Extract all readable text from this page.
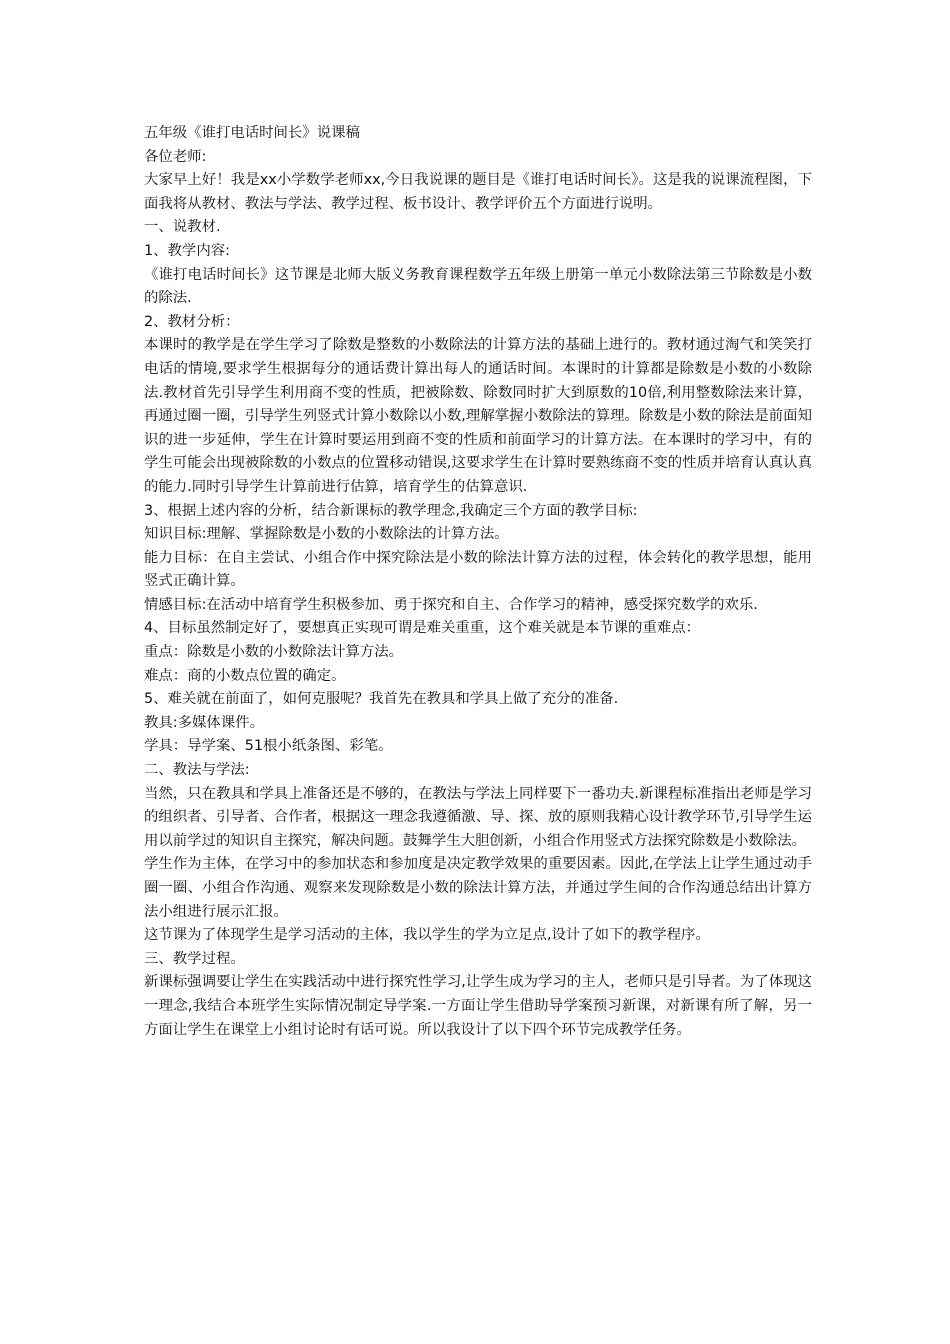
五年级《谁打电话时间长》说课稿

各位老师:

大家早上好！我是xx小学数学老师xx,今日我说课的题目是《谁打电话时间长》。这是我的说课流程图，下面我将从教材、教法与学法、教学过程、板书设计、教学评价五个方面进行说明。

一、说教材.

1、教学内容:

《谁打电话时间长》这节课是北师大版义务教育课程数学五年级上册第一单元小数除法第三节除数是小数的除法.

2、教材分析：

本课时的教学是在学生学习了除数是整数的小数除法的计算方法的基础上进行的。教材通过淘气和笑笑打电话的情境,要求学生根据每分的通话费计算出每人的通话时间。本课时的计算都是除数是小数的小数除法.教材首先引导学生利用商不变的性质，把被除数、除数同时扩大到原数的10倍,利用整数除法来计算，再通过圈一圈，引导学生列竖式计算小数除以小数,理解掌握小数除法的算理。除数是小数的除法是前面知识的进一步延伸，学生在计算时要运用到商不变的性质和前面学习的计算方法。在本课时的学习中，有的学生可能会出现被除数的小数点的位置移动错误,这要求学生在计算时要熟练商不变的性质并培育认真认真的能力.同时引导学生计算前进行估算，培育学生的估算意识.

3、根据上述内容的分析，结合新课标的教学理念,我确定三个方面的教学目标:

知识目标:理解、掌握除数是小数的小数除法的计算方法。

能力目标：在自主尝试、小组合作中探究除法是小数的除法计算方法的过程，体会转化的教学思想，能用竖式正确计算。

情感目标:在活动中培育学生积极参加、勇于探究和自主、合作学习的精神，感受探究数学的欢乐.

4、目标虽然制定好了，要想真正实现可谓是难关重重，这个难关就是本节课的重难点：

重点：除数是小数的小数除法计算方法。

难点：商的小数点位置的确定。

5、难关就在前面了，如何克服呢？我首先在教具和学具上做了充分的准备.

教具:多媒体课件。

学具：导学案、51根小纸条图、彩笔。

二、教法与学法:

当然，只在教具和学具上准备还是不够的，在教法与学法上同样要下一番功夫.新课程标准指出老师是学习的组织者、引导者、合作者，根据这一理念我遵循激、导、探、放的原则我精心设计教学环节,引导学生运用以前学过的知识自主探究，解决问题。鼓舞学生大胆创新，小组合作用竖式方法探究除数是小数除法。

学生作为主体，在学习中的参加状态和参加度是决定教学效果的重要因素。因此,在学法上让学生通过动手圈一圈、小组合作沟通、观察来发现除数是小数的除法计算方法，并通过学生间的合作沟通总结出计算方法小组进行展示汇报。

这节课为了体现学生是学习活动的主体，我以学生的学为立足点,设计了如下的教学程序。

三、教学过程。

新课标强调要让学生在实践活动中进行探究性学习,让学生成为学习的主人，老师只是引导者。为了体现这一理念,我结合本班学生实际情况制定导学案.一方面让学生借助导学案预习新课，对新课有所了解，另一方面让学生在课堂上小组讨论时有话可说。所以我设计了以下四个环节完成教学任务。
